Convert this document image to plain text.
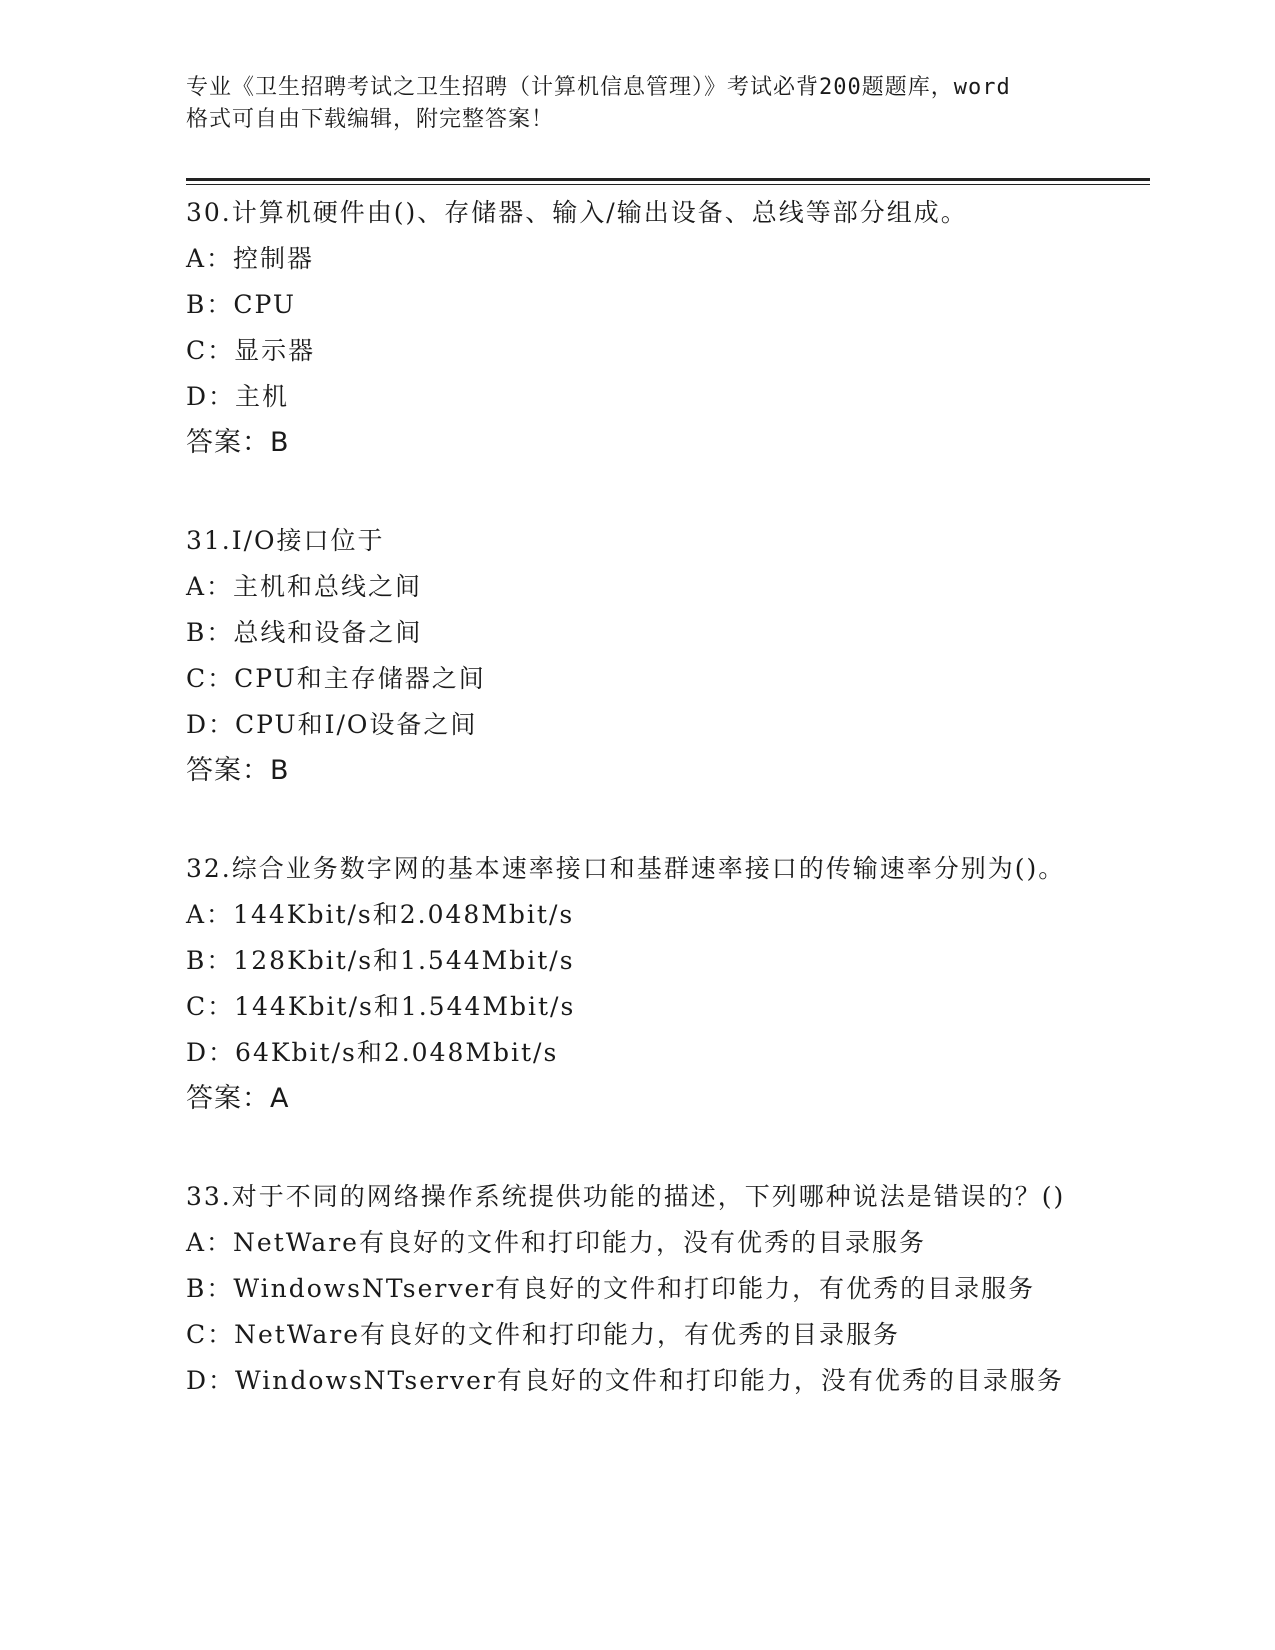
专业《卫生招聘考试之卫生招聘（计算机信息管理）》考试必背200题题库，word
格式可自由下载编辑，附完整答案！
30.计算机硬件由()、存储器、输入/输出设备、总线等部分组成。
A：控制器
B：CPU
C：显示器
D：主机
答案：B
31.I/O接口位于
A：主机和总线之间
B：总线和设备之间
C：CPU和主存储器之间
D：CPU和I/O设备之间
答案：B
32.综合业务数字网的基本速率接口和基群速率接口的传输速率分别为()。
A：144Kbit/s和2.048Mbit/s
B：128Kbit/s和1.544Mbit/s
C：144Kbit/s和1.544Mbit/s
D：64Kbit/s和2.048Mbit/s
答案：A
33.对于不同的网络操作系统提供功能的描述，下列哪种说法是错误的？()
A：NetWare有良好的文件和打印能力，没有优秀的目录服务
B：WindowsNTserver有良好的文件和打印能力，有优秀的目录服务
C：NetWare有良好的文件和打印能力，有优秀的目录服务
D：WindowsNTserver有良好的文件和打印能力，没有优秀的目录服务
